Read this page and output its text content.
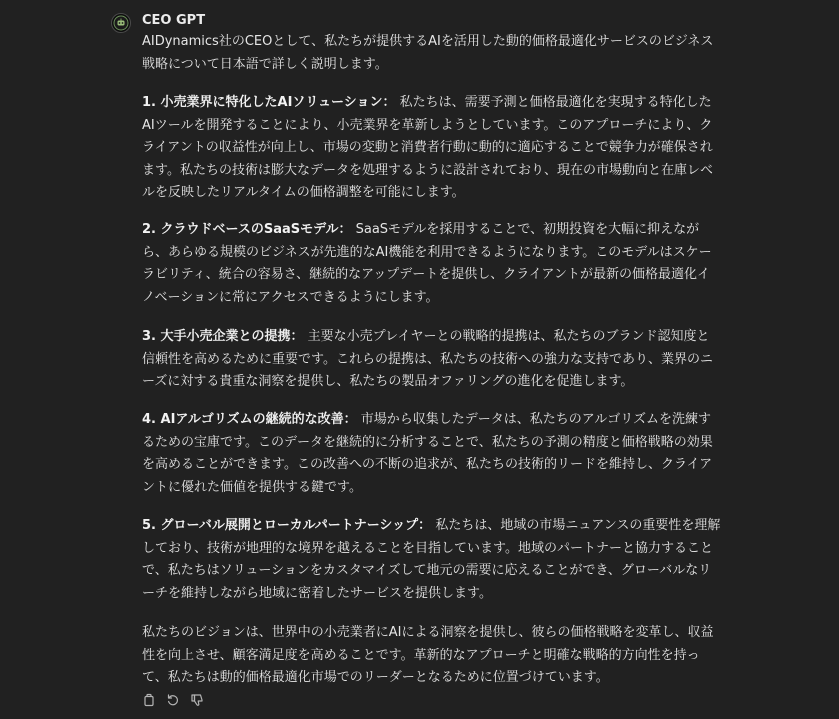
CEO GPT

AIDynamics社のCEOとして、私たちが提供するAIを活用した動的価格最適化サービスのビジネス戦略について日本語で詳しく説明します。

1. 小売業界に特化したAIソリューション： 私たちは、需要予測と価格最適化を実現する特化したAIツールを開発することにより、小売業界を革新しようとしています。このアプローチにより、クライアントの収益性が向上し、市場の変動と消費者行動に動的に適応することで競争力が確保されます。私たちの技術は膨大なデータを処理するように設計されており、現在の市場動向と在庫レベルを反映したリアルタイムの価格調整を可能にします。

2. クラウドベースのSaaSモデル： SaaSモデルを採用することで、初期投資を大幅に抑えながら、あらゆる規模のビジネスが先進的なAI機能を利用できるようになります。このモデルはスケーラビリティ、統合の容易さ、継続的なアップデートを提供し、クライアントが最新の価格最適化イノベーションに常にアクセスできるようにします。

3. 大手小売企業との提携： 主要な小売プレイヤーとの戦略的提携は、私たちのブランド認知度と信頼性を高めるために重要です。これらの提携は、私たちの技術への強力な支持であり、業界のニーズに対する貴重な洞察を提供し、私たちの製品オファリングの進化を促進します。

4. AIアルゴリズムの継続的な改善： 市場から収集したデータは、私たちのアルゴリズムを洗練するための宝庫です。このデータを継続的に分析することで、私たちの予測の精度と価格戦略の効果を高めることができます。この改善への不断の追求が、私たちの技術的リードを維持し、クライアントに優れた価値を提供する鍵です。

5. グローバル展開とローカルパートナーシップ： 私たちは、地域の市場ニュアンスの重要性を理解しており、技術が地理的な境界を越えることを目指しています。地域のパートナーと協力することで、私たちはソリューションをカスタマイズして地元の需要に応えることができ、グローバルなリーチを維持しながら地域に密着したサービスを提供します。

私たちのビジョンは、世界中の小売業者にAIによる洞察を提供し、彼らの価格戦略を変革し、収益性を向上させ、顧客満足度を高めることです。革新的なアプローチと明確な戦略的方向性を持って、私たちは動的価格最適化市場でのリーダーとなるために位置づけています。
